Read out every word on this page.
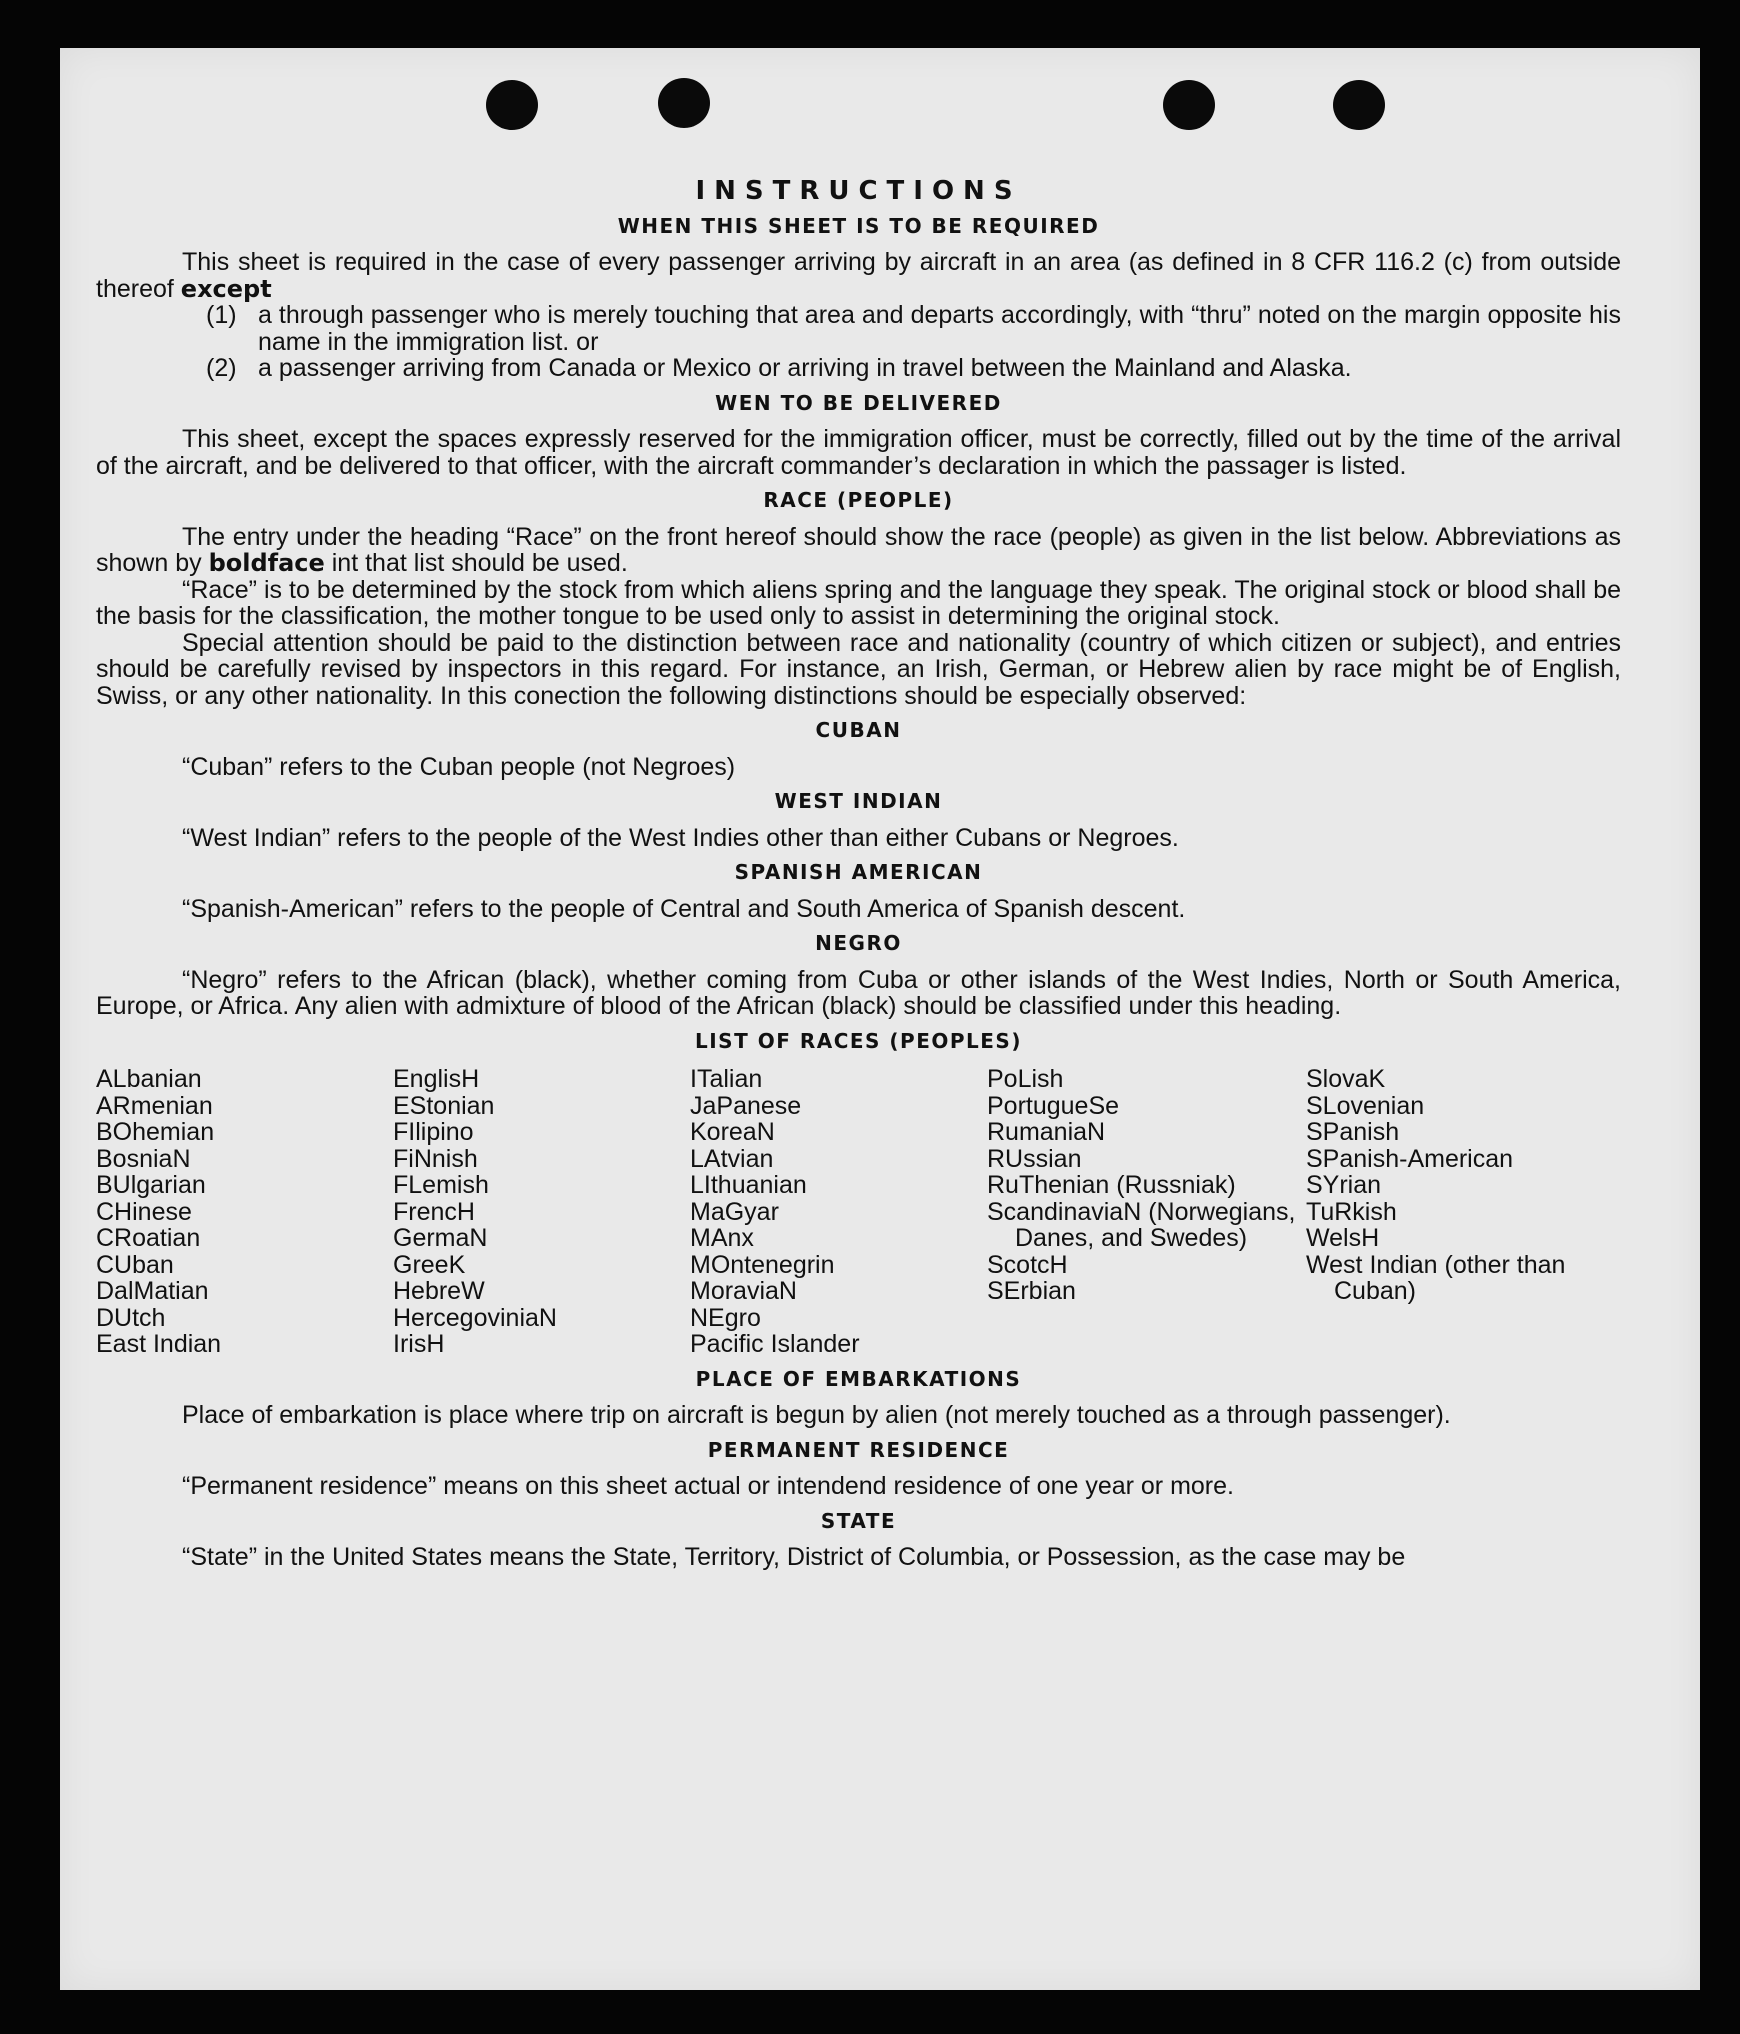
INSTRUCTIONS
WHEN THIS SHEET IS TO BE REQUIRED

This sheet is required in the case of every passenger arriving by aircraft in an area (as defined in 8 CFR 116.2 (c) from outside thereof except

(1) a through passenger who is merely touching that area and departs accordingly, with “thru” noted on the margin opposite his name in the immigration list. or
(2) a passenger arriving from Canada or Mexico or arriving in travel between the Mainland and Alaska.
WEN TO BE DELIVERED

This sheet, except the spaces expressly reserved for the immigration officer, must be correctly, filled out by the time of the arrival of the aircraft, and be delivered to that officer, with the aircraft commander’s declaration in which the passager is listed.

RACE (PEOPLE)

The entry under the heading “Race” on the front hereof should show the race (people) as given in the list below. Abbreviations as shown by boldface int that list should be used.

“Race” is to be determined by the stock from which aliens spring and the language they speak. The original stock or blood shall be the basis for the classification, the mother tongue to be used only to assist in determining the original stock.

Special attention should be paid to the distinction between race and nationality (country of which citizen or subject), and entries should be carefully revised by inspectors in this regard. For instance, an Irish, German, or Hebrew alien by race might be of English, Swiss, or any other nationality. In this conection the following distinctions should be especially observed:

CUBAN

“Cuban” refers to the Cuban people (not Negroes)

WEST INDIAN

“West Indian” refers to the people of the West Indies other than either Cubans or Negroes.

SPANISH AMERICAN

“Spanish-American” refers to the people of Central and South America of Spanish descent.

NEGRO

“Negro” refers to the African (black), whether coming from Cuba or other islands of the West Indies, North or South America, Europe, or Africa. Any alien with admixture of blood of the African (black) should be classified under this heading.

LIST OF RACES (PEOPLES)
ALbanian
ARmenian
BOhemian
BosniaN
BUlgarian
CHinese
CRoatian
CUban
DalMatian
DUtch
East Indian
EnglisH
EStonian
FIlipino
FiNnish
FLemish
FrencH
GermaN
GreeK
HebreW
HercegoviniaN
IrisH
ITalian
JaPanese
KoreaN
LAtvian
LIthuanian
MaGyar
MAnx
MOntenegrin
MoraviaN
NEgro
Pacific Islander
PoLish
PortugueSe
RumaniaN
RUssian
RuThenian (Russniak)
ScandinaviaN (Norwegians, Danes, and Swedes)
ScotcH
SErbian
SlovaK
SLovenian
SPanish
SPanish-American
SYrian
TuRkish
WelsH
West Indian (other than Cuban)
PLACE OF EMBARKATIONS

Place of embarkation is place where trip on aircraft is begun by alien (not merely touched as a through passenger).

PERMANENT RESIDENCE

“Permanent residence” means on this sheet actual or intendend residence of one year or more.

STATE

“State” in the United States means the State, Territory, District of Columbia, or Possession, as the case may be
